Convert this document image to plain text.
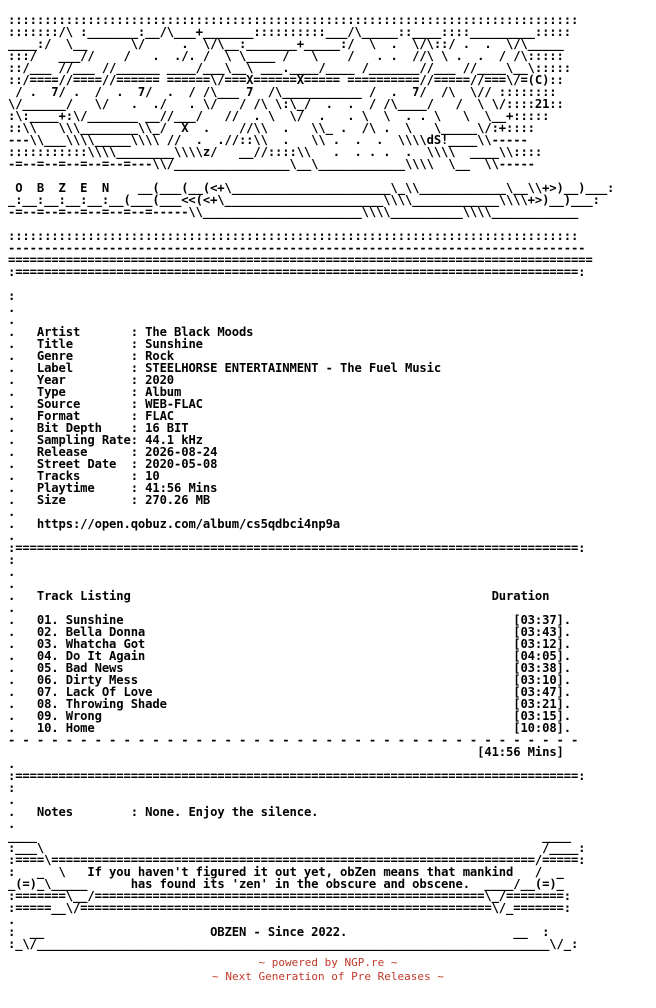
:::::::::::::::::::::::::::::::::::::::::::::::::::::::::::::::::::::::::::::::
:::::::/\ :_______:__/\___+_______::::::::::___/\_____::____::::_________:::::
____:/  \__      \/     .  \/\__:_______+_____:/  \  .  \/\::/ .  .  \/\_____
:::/   ___//    /   .  ./. /  \ \____ /   \    /   . .  //\ \ .  .  / /\:::::
::/___ //___ //______ ____/___\__\ ___.____/____ /_______//___ //____\__\:::::
::/====//====//====== ======\/===X======X===== ==========//=====//===\/=(C)::
/ .  7/ .  /  .  7/  .  / /\___ 7  /\___________ /  .  7/  /\  \// ::::::::
\/______/   \/   .  ./   . \/   / /\ \:\_/  .  .  / /\____/   /  \ \/::::21::
:\:____+:\/_______ __//___/   //  . \  \/  .   . \  \  . . \   \  \__+:::::
::\\   \\\________\\_/  X  .    //\\  .   \\_ .  /\ .  \   \_____\/:+::::
---\\___\\\\_____\\\\ //  .  .//::\\  .   \\ .  .  .  \\\\dS!____\\-----
:::::::::::\\\\________\\\\z/   __//::::\\   .  . . .  .  \\\\  ____\\::::
-=--=--=--=--=--=---\\/________________\__\____________\\\\  \__  \\-----

O  B  Z  E  N    __(___(__(<+\______________________\_\\____________\__\\+>)__)___:
_:__:__:__:__:__(___(___<<(<+\______________________\\\\____________\\\\+>)__)___:
-=--=--=--=--=--=--=-----\\______________________\\\\__________\\\\____________

:::::::::::::::::::::::::::::::::::::::::::::::::::::::::::::::::::::::::::::::
--------------------------------------------------------------------------------
=================================================================================
:==============================================================================:

:
.
.
.   Artist       : The Black Moods
.   Title        : Sunshine
.   Genre        : Rock
.   Label        : STEELHORSE ENTERTAINMENT - The Fuel Music
.   Year         : 2020
.   Type         : Album
.   Source       : WEB-FLAC
.   Format       : FLAC
.   Bit Depth    : 16 BIT
.   Sampling Rate: 44.1 kHz
.   Release      : 2026-08-24
.   Street Date  : 2020-05-08
.   Tracks       : 10
.   Playtime     : 41:56 Mins
.   Size         : 270.26 MB
.
.   https://open.qobuz.com/album/cs5qdbci4np9a
.
:==============================================================================:
:
.
.
.   Track Listing	Duration
.
.   01. Sunshine	[03:37].
.   02. Bella Donna	[03:43].
.   03. Whatcha Got	[03:12].
.   04. Do It Again	[04:05].
.   05. Bad News	[03:38].
.   06. Dirty Mess	[03:10].
.   07. Lack Of Love	[03:47].
.   08. Throwing Shade	[03:21].
.   09. Wrong	[03:15].
.   10. Home	[10:08].
- - - - - - - - - - - - - - - - - - - - - - - - - - - - - - - - - - - - - - - -
[41:56 Mins]
.
:==============================================================================:
:
.
.   Notes        : None. Enjoy the silence.
.
____                                                                      ____
:___\                                                                     /____:
:====\===================================================================/=====:
:   _  \   If you haven't figured it out yet, obZen means that mankind   /  _
_(=)_\_____      has found its 'zen' in the obscure and obscene.  ____/__(=)_
:=======\__/======================================================\_/========:
:=====__\/=========================================================\/_=======:
.
:  __                       OBZEN - Since 2022.	__  :
:_\/_______________________________________________________________________\/_:

~ powered by NGP.re ~
~ Next Generation of Pre Releases ~
